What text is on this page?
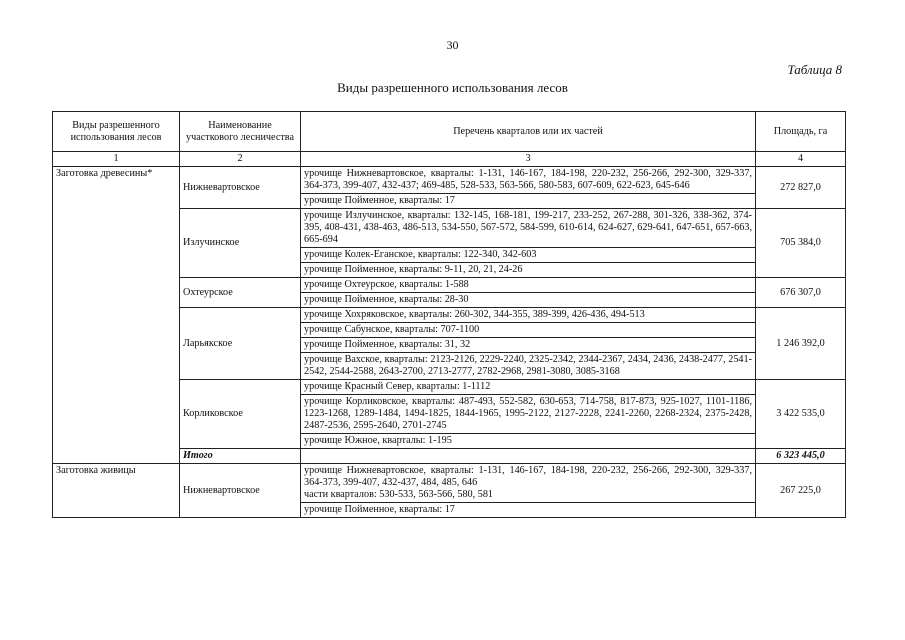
30
Таблица 8
Виды разрешенного использования лесов
Виды разрешенного использования лесов	Наименование участкового лесничества	Перечень кварталов или их частей	Площадь, га
1	2	3	4
Заготовка древесины*	Нижневартовское	урочище Нижневартовское, кварталы: 1-131, 146-167, 184-198, 220-232, 256-266, 292-300, 329-337, 364-373, 399-407, 432-437; 469-485, 528-533, 563-566, 580-583, 607-609, 622-623, 645-646	272 827,0
		урочище Пойменное, кварталы: 17	
	Излучинское	урочище Излучинское, кварталы: 132-145, 168-181, 199-217, 233-252, 267-288, 301-326, 338-362, 374-395, 408-431, 438-463, 486-513, 534-550, 567-572, 584-599, 610-614, 624-627, 629-641, 647-651, 657-663, 665-694	705 384,0
		урочище Колек-Еганское, кварталы: 122-340, 342-603	
		урочище Пойменное, кварталы: 9-11, 20, 21, 24-26	
	Охтеурское	урочище Охтеурское, кварталы: 1-588	676 307,0
		урочище Пойменное, кварталы: 28-30	
	Ларьякское	урочище Хохряковское, кварталы: 260-302, 344-355, 389-399, 426-436, 494-513	1 246 392,0
		урочище Сабунское, кварталы: 707-1100	
		урочище Пойменное, кварталы: 31, 32	
		урочище Вахское, кварталы: 2123-2126, 2229-2240, 2325-2342, 2344-2367, 2434, 2436, 2438-2477, 2541-2542, 2544-2588, 2643-2700, 2713-2777, 2782-2968, 2981-3080, 3085-3168	
	Корликовское	урочище Красный Север, кварталы: 1-1112	3 422 535,0
		урочище Корликовское, кварталы: 487-493, 552-582, 630-653, 714-758, 817-873, 925-1027, 1101-1186, 1223-1268, 1289-1484, 1494-1825, 1844-1965, 1995-2122, 2127-2228, 2241-2260, 2268-2324, 2375-2428, 2487-2536, 2595-2640, 2701-2745	
		урочище Южное, кварталы: 1-195	
	Итого		6 323 445,0
Заготовка живицы	Нижневартовское	урочище Нижневартовское, кварталы: 1-131, 146-167, 184-198, 220-232, 256-266, 292-300, 329-337, 364-373, 399-407, 432-437, 484, 485, 646
части кварталов: 530-533, 563-566, 580, 581	267 225,0
		урочище Пойменное, кварталы: 17	
